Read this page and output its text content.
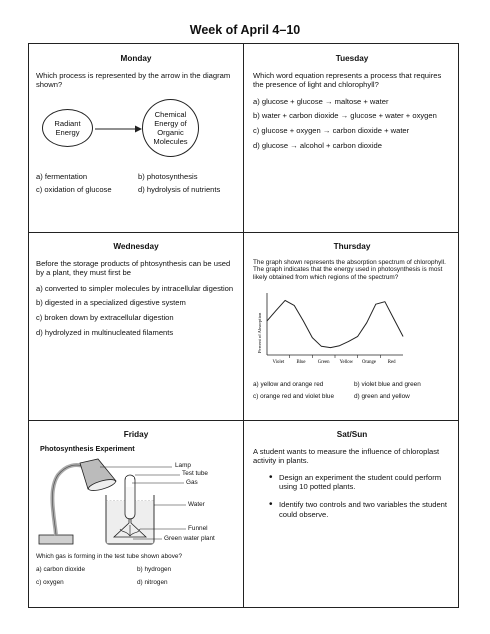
Week of April 4–10
Monday
Which process is represented by the arrow in the diagram shown?
Radiant Energy
Chemical Energy of Organic Molecules
a) fermentation	b) photosynthesis
c) oxidation of glucose	d) hydrolysis of nutrients
Tuesday
Which word equation represents a process that requires the presence of light and chlorophyll?
a) glucose + glucose → maltose + water
b) water + carbon dioxide → glucose + water + oxygen
c) glucose + oxygen → carbon dioxide + water
d) glucose → alcohol + carbon dioxide
Wednesday
Before the storage products of phtosynthesis can be used by a plant, they must first be
a) converted to simpler molecules by intracellular digestion
b) digested in a specialized digestive system
c) broken down by extracellular digestion
d) hydrolyzed in multinucleated filaments
Thursday
The graph shown represents the absorption spectrum of chlorophyll. The graph indicates that the energy used in photosynthesis is most likely obtained from which regions of the spectrum?
Percent of Absorption
Violet	Blue	Green Yellow Orange Red
a) yellow and orange red	b) violet blue and green
c) orange red and violet blue	d) green and yellow
Friday
Photosynthesis Experiment
Lamp
Test tube
Gas
Water
Funnel
Green water plant
Which gas is forming in the test tube shown above?
a) carbon dioxide	b) hydrogen
c) oxygen	d) nitrogen
Sat/Sun
A student wants to measure the influence of chloroplast activity in plants.
• Design an experiment the student could perform using 10 potted plants.
• Identify two controls and two variables the student could observe.
